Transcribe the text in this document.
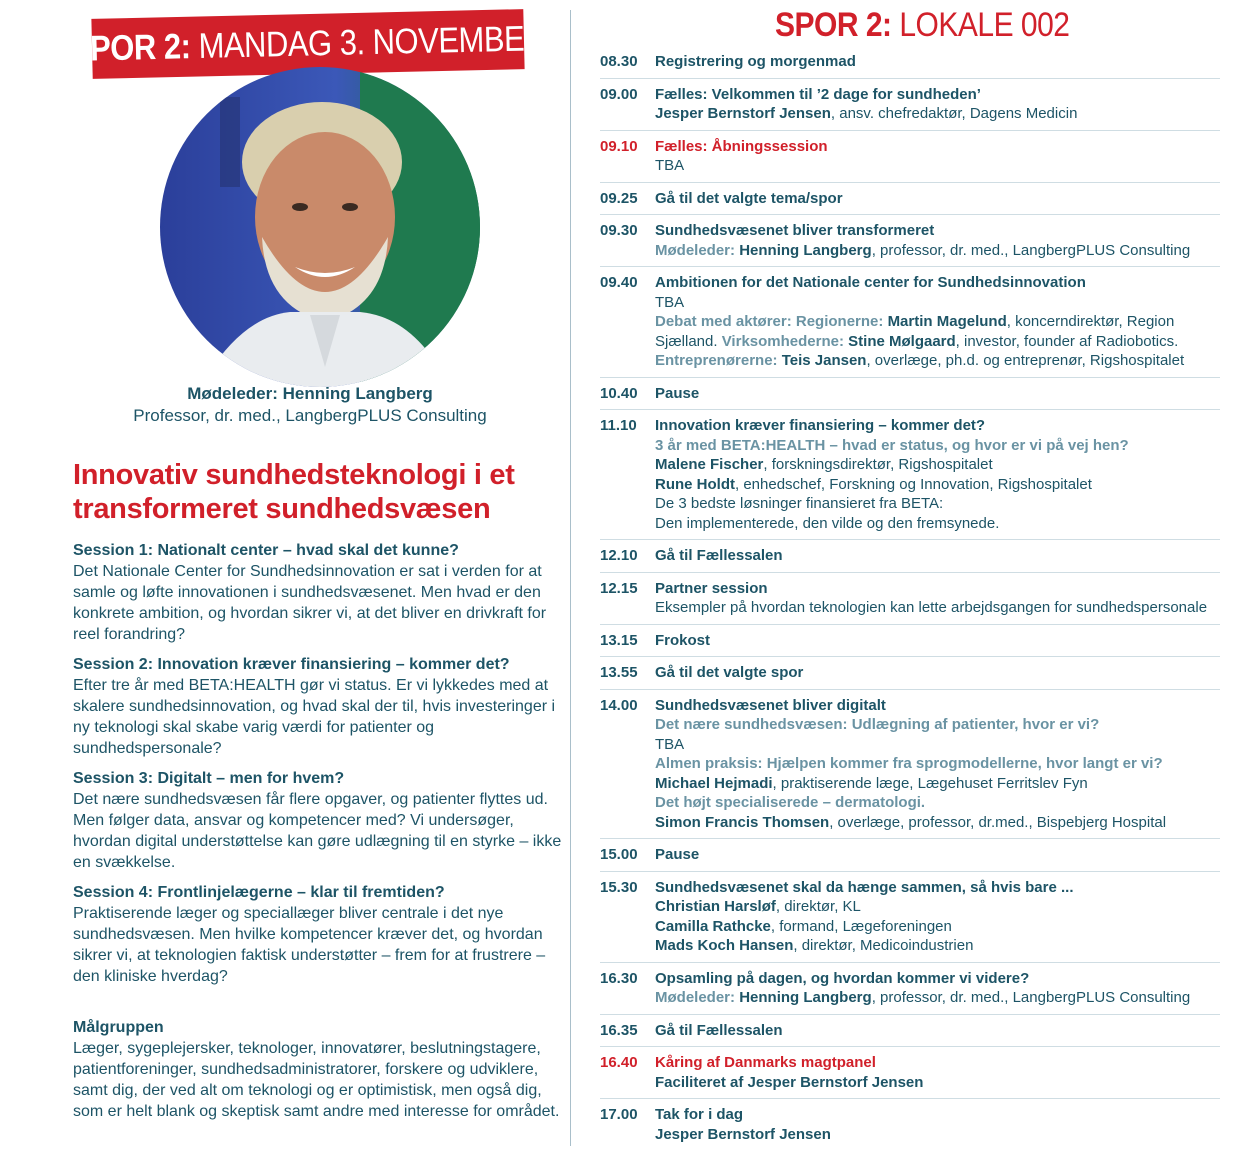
SPOR 2: MANDAG 3. NOVEMBER
Mødeleder: Henning Langberg
Professor, dr. med., LangbergPLUS Consulting
Innovativ sundhedsteknologi i et transformeret sundhedsvæsen
Session 1: Nationalt center – hvad skal det kunne?
Det Nationale Center for Sundhedsinnovation er sat i verden for at samle og løfte innovationen i sundhedsvæsenet. Men hvad er den konkrete ambition, og hvordan sikrer vi, at det bliver en drivkraft for reel forandring?
Session 2: Innovation kræver finansiering – kommer det?
Efter tre år med BETA:HEALTH gør vi status. Er vi lykkedes med at skalere sundhedsinnovation, og hvad skal der til, hvis investeringer i ny teknologi skal skabe varig værdi for patienter og sundhedspersonale?
Session 3: Digitalt – men for hvem?
Det nære sundhedsvæsen får flere opgaver, og patienter flyttes ud. Men følger data, ansvar og kompetencer med? Vi undersøger, hvordan digital understøttelse kan gøre udlægning til en styrke – ikke en svækkelse.
Session 4: Frontlinjelægerne – klar til fremtiden?
Praktiserende læger og speciallæger bliver centrale i det nye sundhedsvæsen. Men hvilke kompetencer kræver det, og hvordan sikrer vi, at teknologien faktisk understøtter – frem for at frustrere – den kliniske hverdag?
Målgruppen
Læger, sygeplejersker, teknologer, innovatører, beslutningstagere, patientforeninger, sundhedsadministratorer, forskere og udviklere, samt dig, der ved alt om teknologi og er optimistisk, men også dig, som er helt blank og skeptisk samt andre med interesse for området.
SPOR 2: LOKALE 002
08.30	Registrering og morgenmad
09.00	Fælles: Velkommen til ’2 dage for sundheden’
Jesper Bernstorf Jensen, ansv. chefredaktør, Dagens Medicin
09.10	Fælles: Åbningssession
TBA
09.25	Gå til det valgte tema/spor
09.30	Sundhedsvæsenet bliver transformeret
Mødeleder: Henning Langberg, professor, dr. med., LangbergPLUS Consulting
09.40	Ambitionen for det Nationale center for Sundhedsinnovation
TBA
Debat med aktører: Regionerne: Martin Magelund, koncerndirektør, Region Sjælland. Virksomhederne: Stine Mølgaard, investor, founder af Radiobotics. Entreprenørerne: Teis Jansen, overlæge, ph.d. og entreprenør, Rigshospitalet
10.40	Pause
11.10	Innovation kræver finansiering – kommer det?
3 år med BETA:HEALTH – hvad er status, og hvor er vi på vej hen?
Malene Fischer, forskningsdirektør, Rigshospitalet
Rune Holdt, enhedschef, Forskning og Innovation, Rigshospitalet
De 3 bedste løsninger finansieret fra BETA:
Den implementerede, den vilde og den fremsynede.
12.10	Gå til Fællessalen
12.15	Partner session
Eksempler på hvordan teknologien kan lette arbejdsgangen for sundhedspersonale
13.15	Frokost
13.55	Gå til det valgte spor
14.00	Sundhedsvæsenet bliver digitalt
Det nære sundhedsvæsen: Udlægning af patienter, hvor er vi?
TBA
Almen praksis: Hjælpen kommer fra sprogmodellerne, hvor langt er vi?
Michael Hejmadi, praktiserende læge, Lægehuset Ferritslev Fyn
Det højt specialiserede – dermatologi.
Simon Francis Thomsen, overlæge, professor, dr.med., Bispebjerg Hospital
15.00	Pause
15.30	Sundhedsvæsenet skal da hænge sammen, så hvis bare ...
Christian Harsløf, direktør, KL
Camilla Rathcke, formand, Lægeforeningen
Mads Koch Hansen, direktør, Medicoindustrien
16.30	Opsamling på dagen, og hvordan kommer vi videre?
Mødeleder: Henning Langberg, professor, dr. med., LangbergPLUS Consulting
16.35	Gå til Fællessalen
16.40	Kåring af Danmarks magtpanel
Faciliteret af Jesper Bernstorf Jensen
17.00	Tak for i dag
Jesper Bernstorf Jensen
